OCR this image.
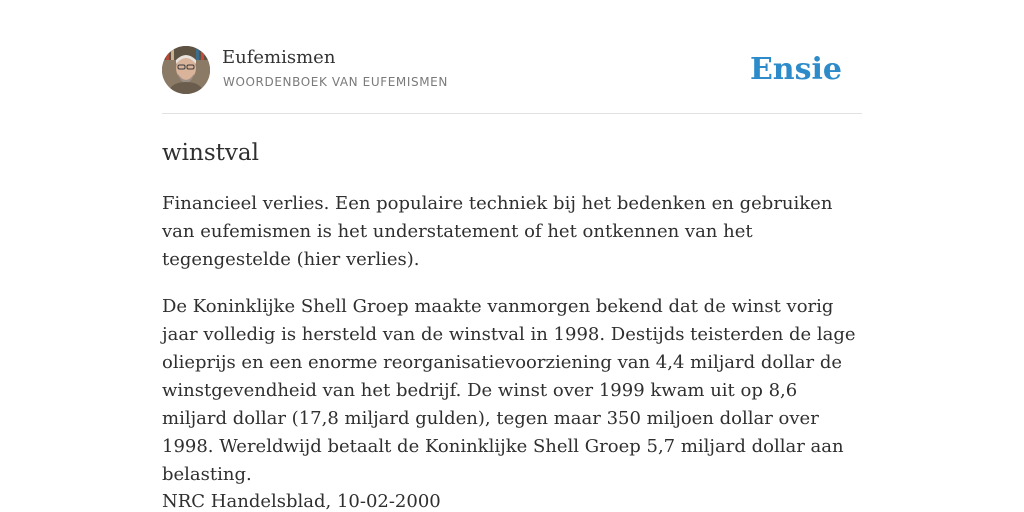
Eufemismen
WOORDENBOEK VAN EUFEMISMEN	Ensie
winstval

Financieel verlies. Een populaire techniek bij het bedenken en gebruiken van eufemismen is het understatement of het ontkennen van het tegengestelde (hier verlies).

De Koninklijke Shell Groep maakte vanmorgen bekend dat de winst vorig jaar volledig is hersteld van de winstval in 1998. Destijds teisterden de lage olieprijs en een enorme reorganisatievoorziening van 4,4 miljard dollar de winstgevendheid van het bedrijf. De winst over 1999 kwam uit op 8,6 miljard dollar (17,8 miljard gulden), tegen maar 350 miljoen dollar over 1998. Wereldwijd betaalt de Koninklijke Shell Groep 5,7 miljard dollar aan belasting.

NRC Handelsblad, 10-02-2000
